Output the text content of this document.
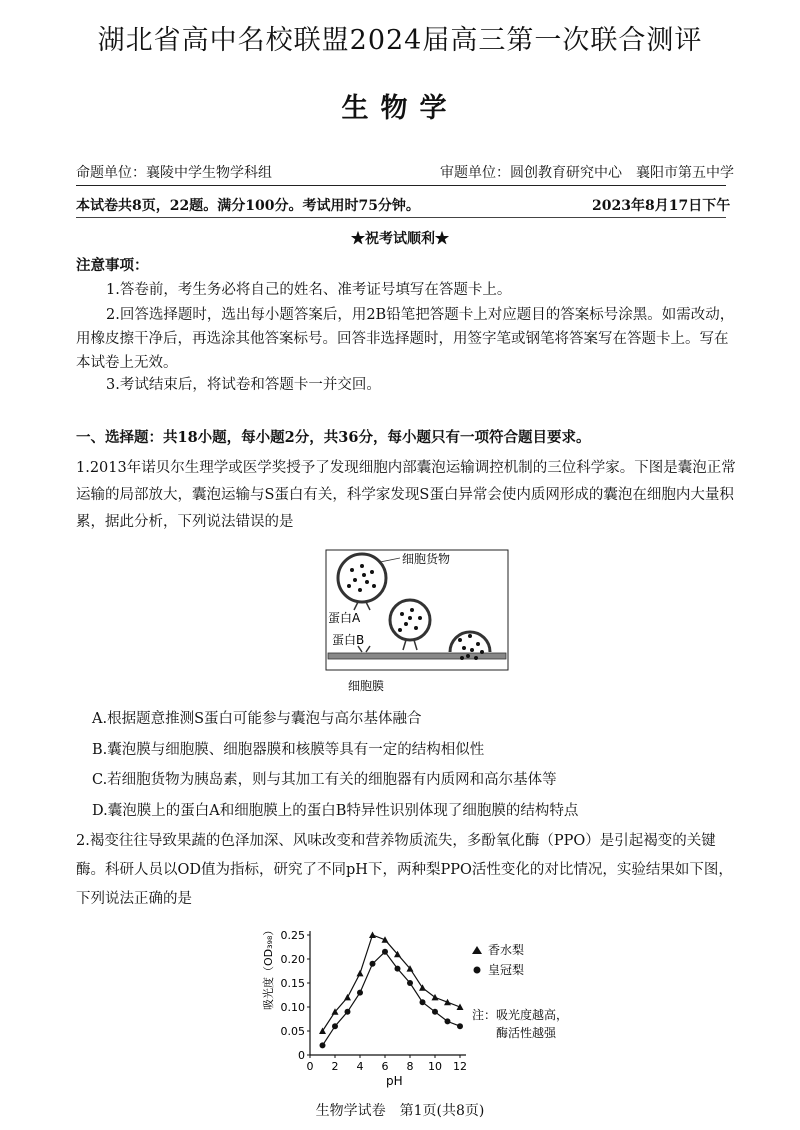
湖北省高中名校联盟2024届高三第一次联合测评
生物学
命题单位：襄陵中学生物学科组	审题单位：圆创教育研究中心　襄阳市第五中学
本试卷共8页，22题。满分100分。考试用时75分钟。	2023年8月17日下午
★祝考试顺利★
注意事项：
1.答卷前，考生务必将自己的姓名、准考证号填写在答题卡上。
2.回答选择题时，选出每小题答案后，用2B铅笔把答题卡上对应题目的答案标号涂黑。如需改动，用橡皮擦干净后，再选涂其他答案标号。回答非选择题时，用签字笔或钢笔将答案写在答题卡上。写在本试卷上无效。
3.考试结束后，将试卷和答题卡一并交回。
一、选择题：共18小题，每小题2分，共36分，每小题只有一项符合题目要求。
1.2013年诺贝尔生理学或医学奖授予了发现细胞内部囊泡运输调控机制的三位科学家。下图是囊泡正常运输的局部放大，囊泡运输与S蛋白有关，科学家发现S蛋白异常会使内质网形成的囊泡在细胞内大量积累，据此分析，下列说法错误的是
细胞货物
蛋白A
蛋白B
细胞膜
A.根据题意推测S蛋白可能参与囊泡与高尔基体融合
B.囊泡膜与细胞膜、细胞器膜和核膜等具有一定的结构相似性
C.若细胞货物为胰岛素，则与其加工有关的细胞器有内质网和高尔基体等
D.囊泡膜上的蛋白A和细胞膜上的蛋白B特异性识别体现了细胞膜的结构特点
2.褐变往往导致果蔬的色泽加深、风味改变和营养物质流失，多酚氧化酶（PPO）是引起褐变的关键酶。科研人员以OD值为指标，研究了不同pH下，两种梨PPO活性变化的对比情况，实验结果如下图，下列说法正确的是
0 2 4 6 8 10 12
0
0.05
0.10
0.15
0.20
0.25
吸光度（OD₃₉₈）
pH
香水梨
皇冠梨
注：吸光度越高，
酶活性越强
生物学试卷　第1页(共8页)
